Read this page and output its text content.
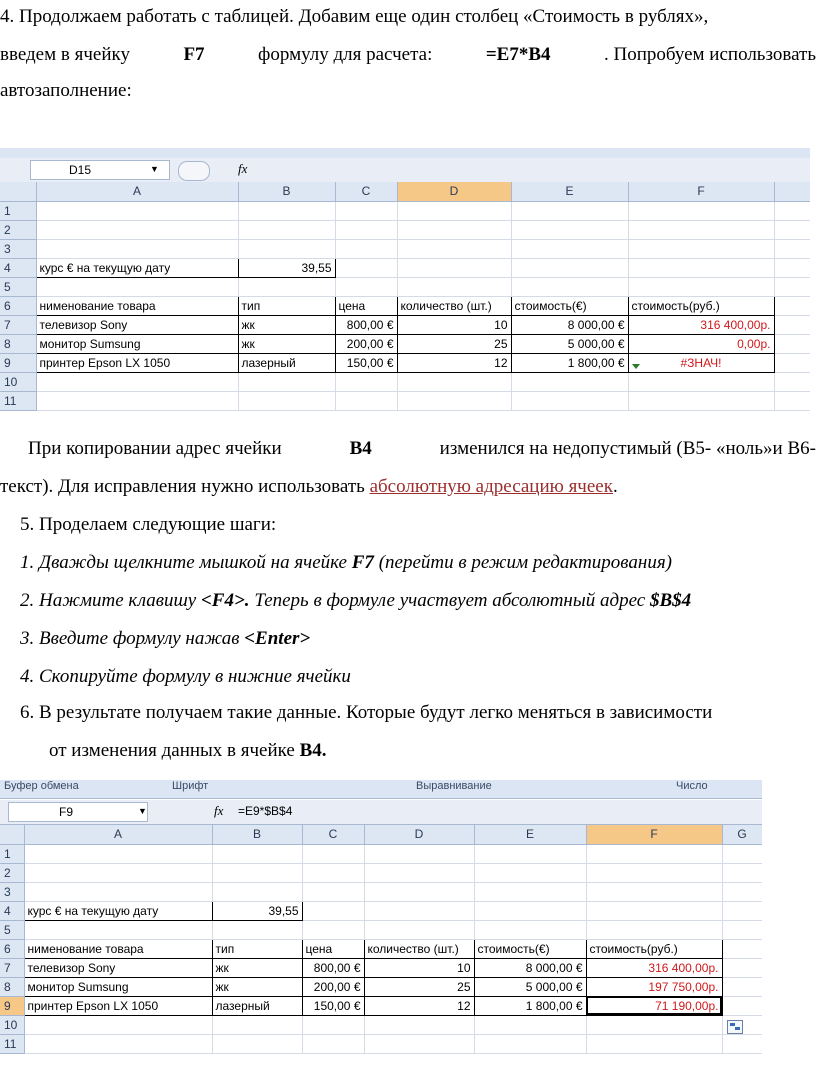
4. Продолжаем работать с таблицей. Добавим еще один столбец «Стоимость в рублях»,
введем в ячейку	F7	формулу для расчета:	=E7*B4	. Попробуем использовать
автозаполнение:
D15	▼	fx
	A	B	C	D	E	F	
1							
2							
3							
4	курс € на текущую дату	39,55					
5							
6	нименование товара	тип	цена	количество (шт.)	стоимость(€)	стоимость(руб.)	
7	телевизор Sony	жк	800,00 €	10	8 000,00 €	316 400,00р.	
8	монитор Sumsung	жк	200,00 €	25	5 000,00 €	0,00р.	
9	принтер Epson LX 1050	лазерный	150,00 €	12	1 800,00 €	#ЗНАЧ!	
10							
11							
При копировании адрес ячейки	B4	изменился на недопустимый (В5- «ноль»и В6-
текст). Для исправления нужно использовать абсолютную адресацию ячеек.
5. Проделаем следующие шаги:
1. Дважды щелкните мышкой на ячейке F7 (перейти в режим редактирования)
2. Нажмите клавишу <F4>. Теперь в формуле участвует абсолютный адрес $B$4
3. Введите формулу нажав <Enter>
4. Скопируйте формулу в нижние ячейки
6. В результате получаем такие данные. Которые будут легко меняться в зависимости
от изменения данных в ячейке B4.
Буфер обмена	Шрифт	Выравнивание	Число
F9	▼	fx =E9*$B$4
	A	B	C	D	E	F	G
1							
2							
3							
4	курс € на текущую дату	39,55					
5							
6	нименование товара	тип	цена	количество (шт.)	стоимость(€)	стоимость(руб.)	
7	телевизор Sony	жк	800,00 €	10	8 000,00 €	316 400,00р.	
8	монитор Sumsung	жк	200,00 €	25	5 000,00 €	197 750,00р.	
9	принтер Epson LX 1050	лазерный	150,00 €	12	1 800,00 €	71 190,00р.	
10							
11							
